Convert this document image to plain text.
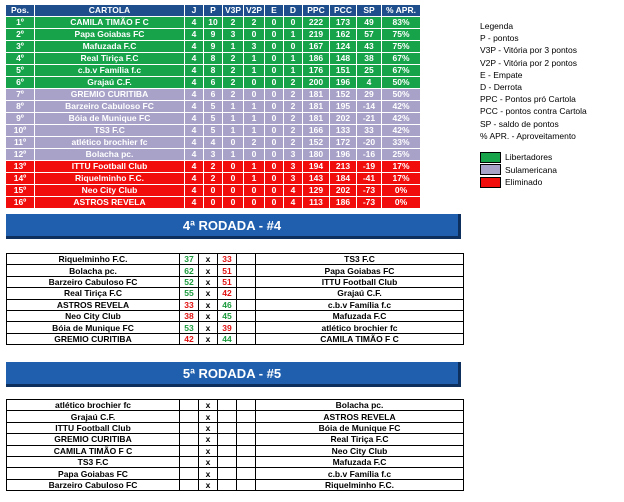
Pos.	CARTOLA	J	P	V3P	V2P	E	D	PPC	PCC	SP	% APR.
1º	CAMILA TIMÃO F C	4	10	2	2	0	0	222	173	49	83%
2º	Papa Goiabas FC	4	9	3	0	0	1	219	162	57	75%
3º	Mafuzada F.C	4	9	1	3	0	0	167	124	43	75%
4º	Real Tiriça F.C	4	8	2	1	0	1	186	148	38	67%
5º	c.b.v Família f.c	4	8	2	1	0	1	176	151	25	67%
6º	Grajaú C.F.	4	6	2	0	0	2	200	196	4	50%
7º	GREMIO CURITIBA	4	6	2	0	0	2	181	152	29	50%
8º	Barzeiro Cabuloso FC	4	5	1	1	0	2	181	195	-14	42%
9º	Bóia de Munique FC	4	5	1	1	0	2	181	202	-21	42%
10º	TS3 F.C	4	5	1	1	0	2	166	133	33	42%
11º	atlético brochier fc	4	4	0	2	0	2	152	172	-20	33%
12º	Bolacha pc.	4	3	1	0	0	3	180	196	-16	25%
13º	ITTU Football Club	4	2	0	1	0	3	194	213	-19	17%
14º	Riquelminho F.C.	4	2	0	1	0	3	143	184	-41	17%
15º	Neo City Club	4	0	0	0	0	4	129	202	-73	0%
16º	ASTROS REVELA	4	0	0	0	0	4	113	186	-73	0%
Legenda
P - pontos
V3P - Vitória por 3 pontos
V2P - Vitória por 2 pontos
E - Empate
D - Derrota
PPC - Pontos pró Cartola
PCC - pontos contra Cartola
SP - saldo de pontos
% APR. - Aproveitamento
Libertadores
Sulamericana
Eliminado
4ª RODADA - #4
Riquelminho F.C.	37	x	33		TS3 F.C
Bolacha pc.	62	x	51		Papa Goiabas FC
Barzeiro Cabuloso FC	52	x	51		ITTU Football Club
Real Tiriça F.C	55	x	42		Grajaú C.F.
ASTROS REVELA	33	x	46		c.b.v Família f.c
Neo City Club	38	x	45		Mafuzada F.C
Bóia de Munique FC	53	x	39		atlético brochier fc
GREMIO CURITIBA	42	x	44		CAMILA TIMÃO F C
5ª RODADA - #5
atlético brochier fc		x			Bolacha pc.
Grajaú C.F.		x			ASTROS REVELA
ITTU Football Club		x			Bóia de Munique FC
GREMIO CURITIBA		x			Real Tiriça F.C
CAMILA TIMÃO F C		x			Neo City Club
TS3 F.C		x			Mafuzada F.C
Papa Goiabas FC		x			c.b.v Família f.c
Barzeiro Cabuloso FC		x			Riquelminho F.C.
